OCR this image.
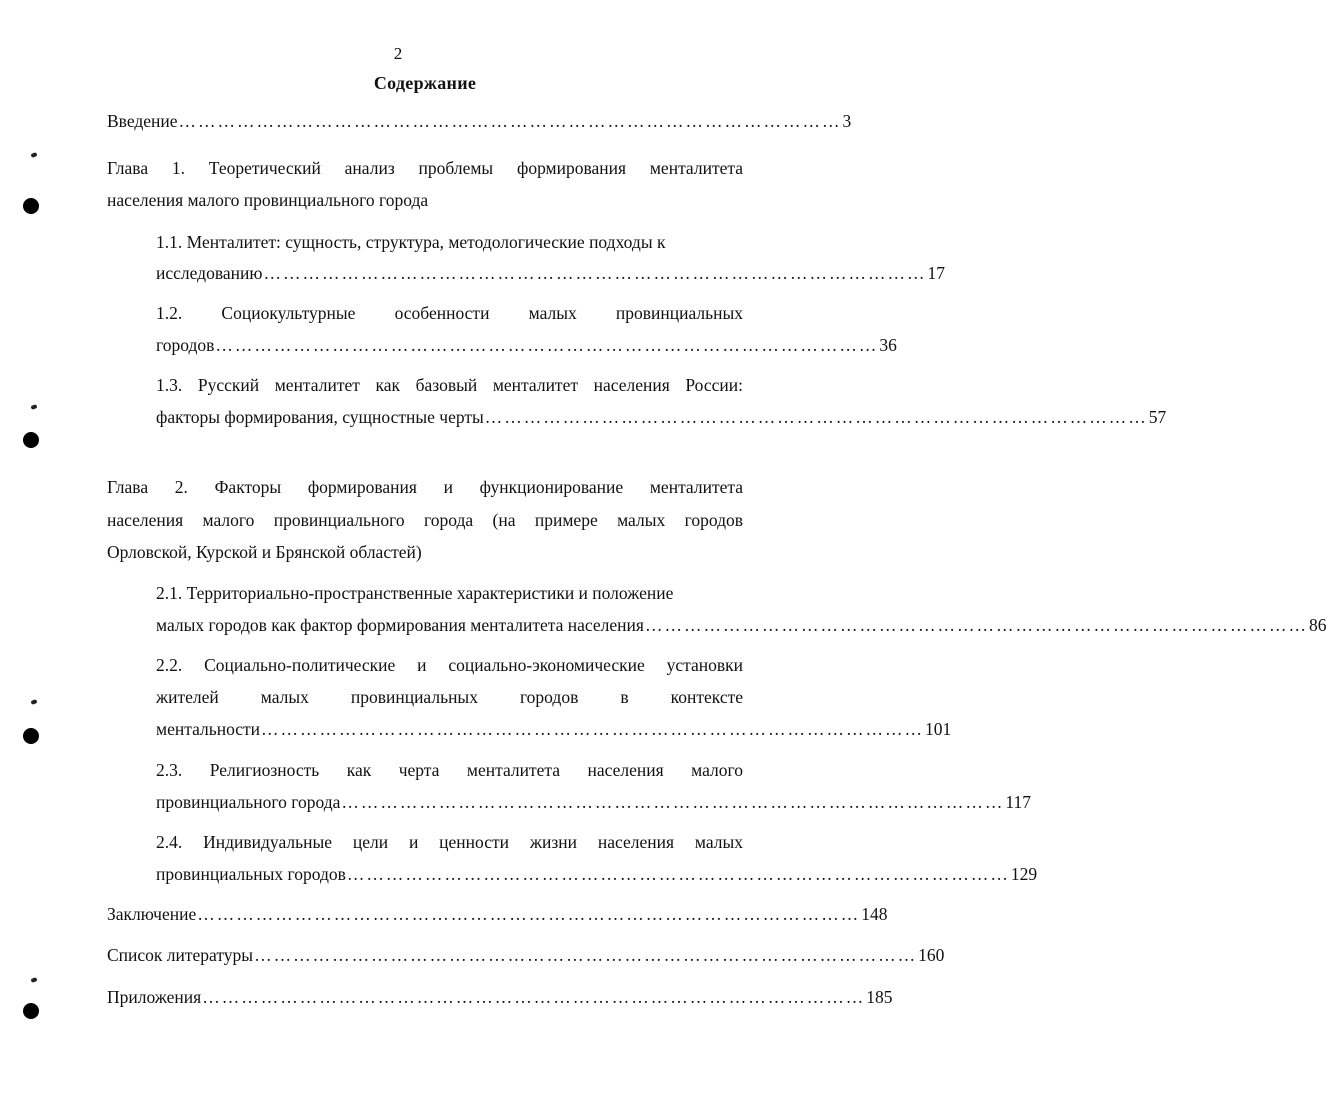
2
Содержание
Введение ………………………………………………………………………………………… 3
Глава 1. Теоретический анализ проблемы формирования менталитета
населения малого провинциального города
1.1. Менталитет: сущность, структура, методологические подходы к
исследованию ………………………………………………………………………………………… 17
1.2. Социокультурные особенности малых провинциальных
городов ………………………………………………………………………………………… 36
1.3. Русский менталитет как базовый менталитет населения России:
факторы формирования, сущностные черты ………………………………………………………………………………………… 57
Глава 2. Факторы формирования и функционирование менталитета
населения малого провинциального города (на примере малых городов
Орловской, Курской и Брянской областей)
2.1. Территориально-пространственные характеристики и положение
малых городов как фактор формирования менталитета населения ………………………………………………………………………………………… 86
2.2. Социально-политические и социально-экономические установки
жителей малых провинциальных городов в контексте
ментальности ………………………………………………………………………………………… 101
2.3. Религиозность как черта менталитета населения малого
провинциального города ………………………………………………………………………………………… 117
2.4. Индивидуальные цели и ценности жизни населения малых
провинциальных городов ………………………………………………………………………………………… 129
Заключение ………………………………………………………………………………………… 148
Список литературы ………………………………………………………………………………………… 160
Приложения ………………………………………………………………………………………… 185
